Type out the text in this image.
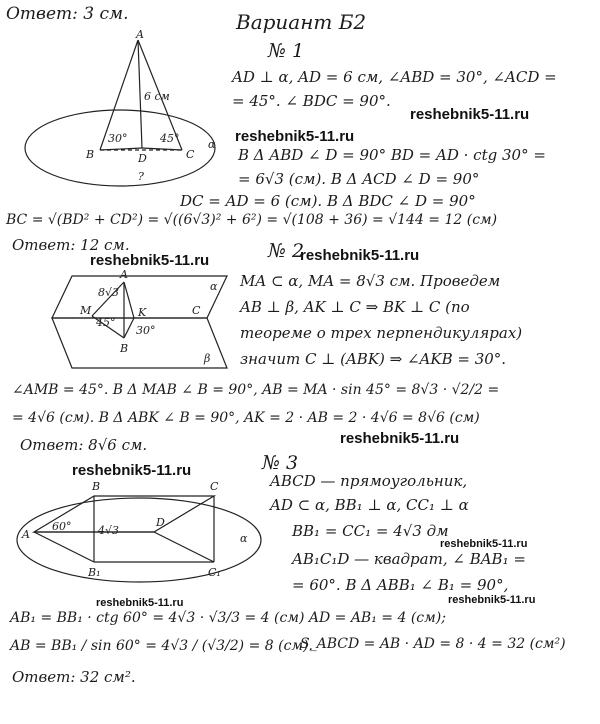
Ответ: 3 см.	Вариант Б2
№ 1
A
B	C
D
α
6 см
30°	45°
?
reshebnik5-11.ru
reshebnik5-11.ru
AD ⊥ α, AD = 6 см, ∠ABD = 30°, ∠ACD =
= 45°. ∠ BDC = 90°.
В Δ ABD ∠ D = 90° BD = AD · ctg 30° =
= 6√3 (см). В Δ ACD ∠ D = 90°
DC = AD = 6 (см). В Δ BDC ∠ D = 90°
BC = √(BD² + CD²) = √((6√3)² + 6²) = √(108 + 36) = √144 = 12 (см)
Ответ: 12 см.	№ 2
reshebnik5-11.ru
reshebnik5-11.ru
A
M	K
B
C
α
β
8√3
45°
30°
MA ⊂ α, MA = 8√3 см. Проведем
AB ⊥ β, AK ⊥ C ⇒ BK ⊥ C (по
теореме о трех перпендикулярах)
значит C ⊥ (ABK) ⇒ ∠AKB = 30°.
∠AMB = 45°. В Δ MAB ∠ B = 90°, AB = MA · sin 45° = 8√3 · √2/2 =
= 4√6 (см). В Δ ABK ∠ B = 90°, AK = 2 · AB = 2 · 4√6 = 8√6 (см)
Ответ: 8√6 см.	reshebnik5-11.ru
№ 3
reshebnik5-11.ru
A
B	C
D
B₁	C₁
α
4√3
60°
ABCD — прямоугольник,
AD ⊂ α, BB₁ ⊥ α, CC₁ ⊥ α
BB₁ = CC₁ = 4√3 дм
reshebnik5-11.ru
AB₁C₁D — квадрат, ∠ BAB₁ =
= 60°. В Δ ABB₁ ∠ B₁ = 90°,
reshebnik5-11.ru	reshebnik5-11.ru
AB₁ = BB₁ · ctg 60° = 4√3 · √3/3 = 4 (см) AD = AB₁ = 4 (см);
AB = BB₁ / sin 60° = 4√3 / (√3/2) = 8 (см).
S_ABCD = AB · AD = 8 · 4 = 32 (см²)
Ответ: 32 см².
